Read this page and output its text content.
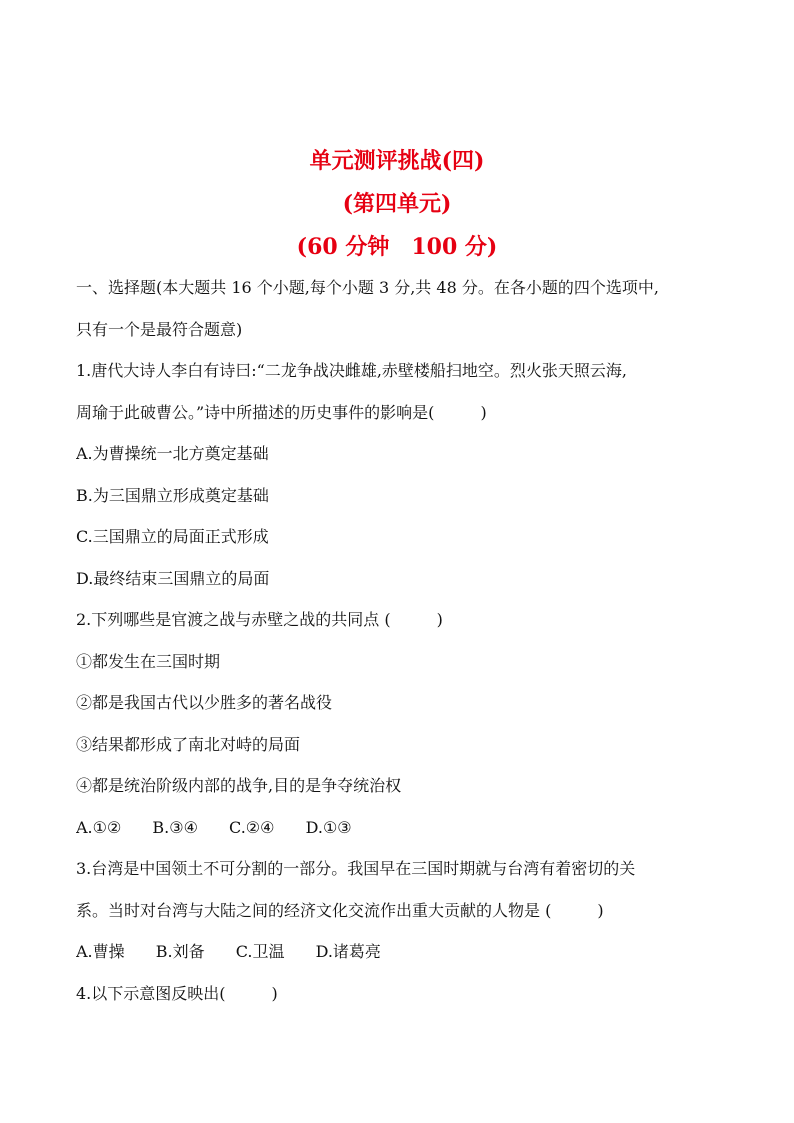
单元测评挑战(四)
(第四单元)
(60 分钟　100 分)
一、选择题(本大题共 16 个小题,每个小题 3 分,共 48 分。在各小题的四个选项中,
只有一个是最符合题意)
1.唐代大诗人李白有诗曰:“二龙争战决雌雄,赤壁楼船扫地空。烈火张天照云海,
周瑜于此破曹公。”诗中所描述的历史事件的影响是(	)
A.为曹操统一北方奠定基础
B.为三国鼎立形成奠定基础
C.三国鼎立的局面正式形成
D.最终结束三国鼎立的局面
2.下列哪些是官渡之战与赤壁之战的共同点 (	)
①都发生在三国时期
②都是我国古代以少胜多的著名战役
③结果都形成了南北对峙的局面
④都是统治阶级内部的战争,目的是争夺统治权
A.①② B.③④ C.②④ D.①③
3.台湾是中国领土不可分割的一部分。我国早在三国时期就与台湾有着密切的关
系。当时对台湾与大陆之间的经济文化交流作出重大贡献的人物是 (	)
A.曹操 B.刘备 C.卫温 D.诸葛亮
4.以下示意图反映出(	)
